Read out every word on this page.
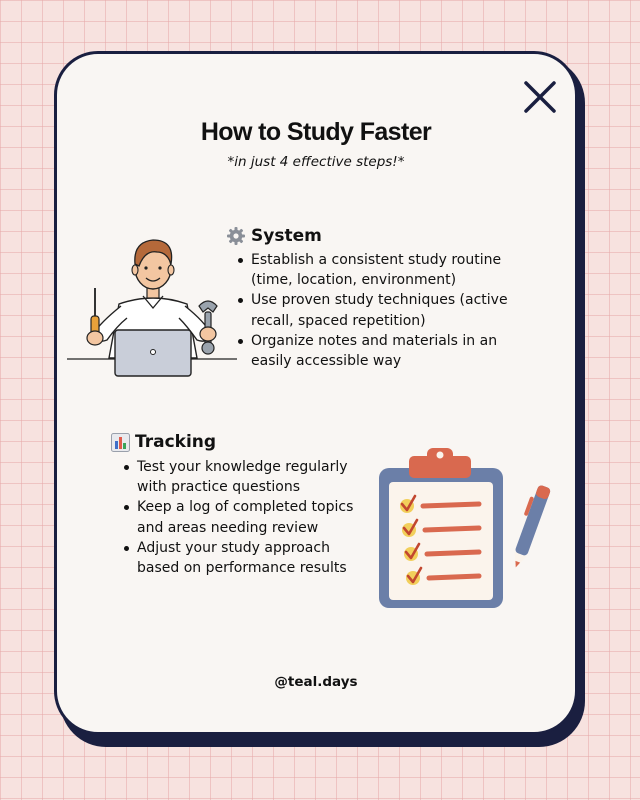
How to Study Faster

*in just 4 effective steps!*

System
Establish a consistent study routine (time, location, environment)
Use proven study techniques (active recall, spaced repetition)
Organize notes and materials in an easily accessible way
Tracking
Test your knowledge regularly with practice questions
Keep a log of completed topics and areas needing review
Adjust your study approach based on performance results
@teal.days
